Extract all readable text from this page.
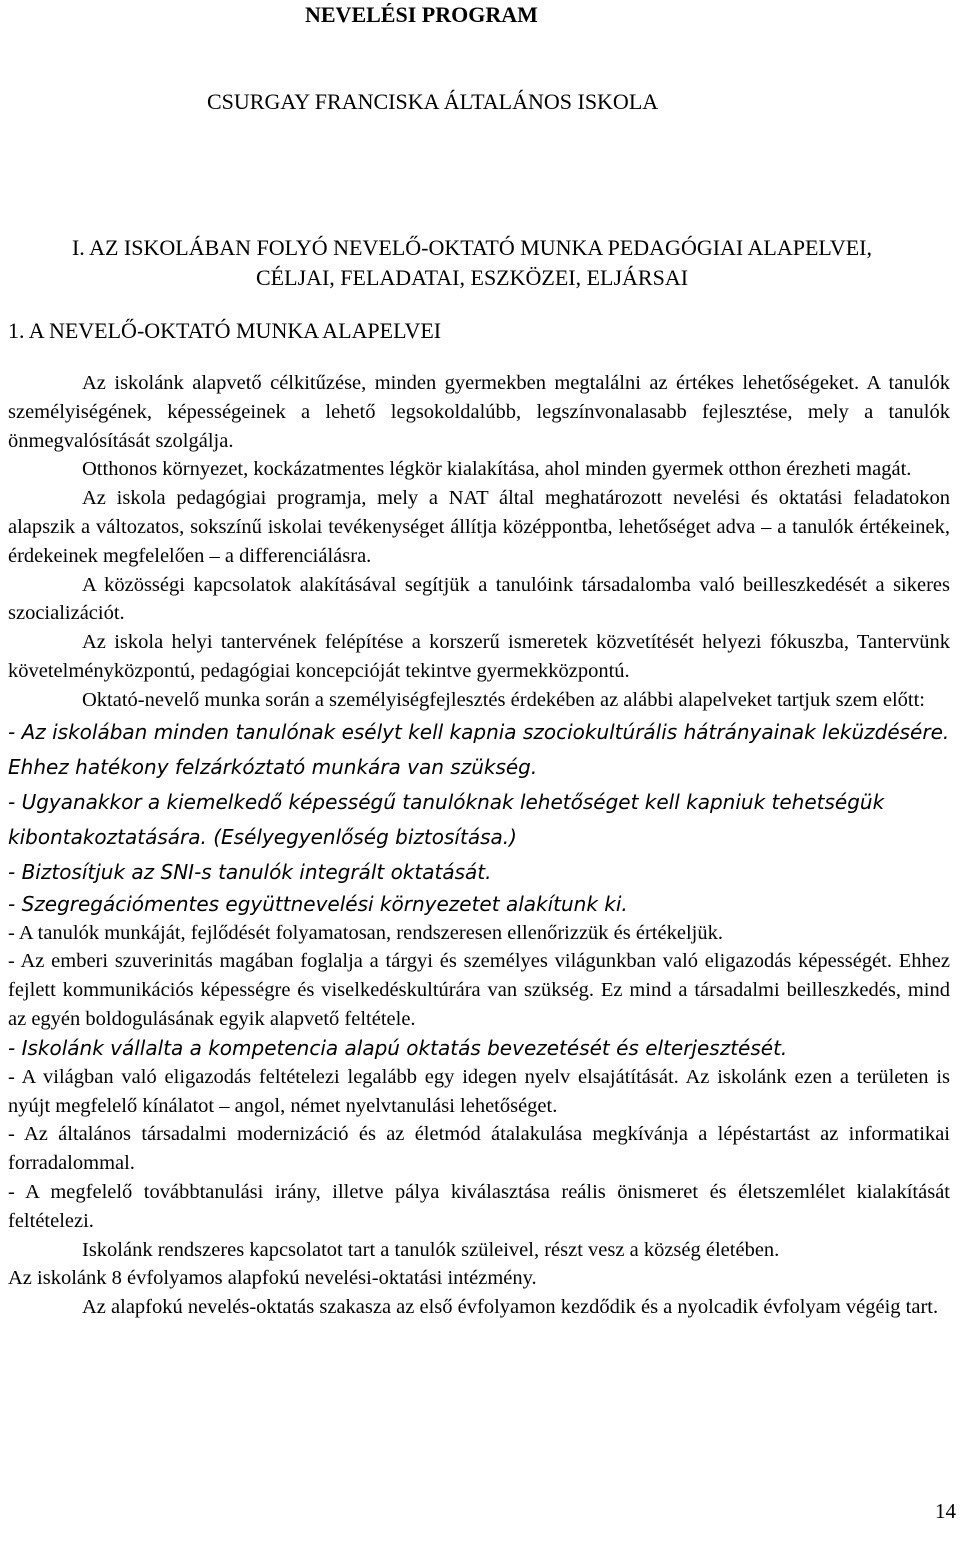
NEVELÉSI PROGRAM
CSURGAY FRANCISKA ÁLTALÁNOS ISKOLA
I. AZ ISKOLÁBAN FOLYÓ NEVELŐ-OKTATÓ MUNKA PEDAGÓGIAI ALAPELVEI, CÉLJAI, FELADATAI, ESZKÖZEI, ELJÁRSAI
1. A NEVELŐ-OKTATÓ MUNKA ALAPELVEI

Az iskolánk alapvető célkitűzése, minden gyermekben megtalálni az értékes lehetőségeket. A tanulók személyiségének, képességeinek a lehető legsokoldalúbb, legszínvonalasabb fejlesztése, mely a tanulók önmegvalósítását szolgálja.

Otthonos környezet, kockázatmentes légkör kialakítása, ahol minden gyermek otthon érezheti magát.

Az iskola pedagógiai programja, mely a NAT által meghatározott nevelési és oktatási feladatokon alapszik a változatos, sokszínű iskolai tevékenységet állítja középpontba, lehetőséget adva – a tanulók értékeinek, érdekeinek megfelelően – a differenciálásra.

A közösségi kapcsolatok alakításával segítjük a tanulóink társadalomba való beilleszkedését a sikeres szocializációt.

Az iskola helyi tantervének felépítése a korszerű ismeretek közvetítését helyezi fókuszba, Tantervünk követelményközpontú, pedagógiai koncepcióját tekintve gyermekközpontú.

Oktató-nevelő munka során a személyiségfejlesztés érdekében az alábbi alapelveket tartjuk szem előtt:

- Az iskolában minden tanulónak esélyt kell kapnia szociokultúrális hátrányainak leküzdésére. Ehhez hatékony felzárkóztató munkára van szükség.

- Ugyanakkor a kiemelkedő képességű tanulóknak lehetőséget kell kapniuk tehetségük kibontakoztatására. (Esélyegyenlőség biztosítása.)

- Biztosítjuk az SNI-s tanulók integrált oktatását.

- Szegregációmentes együttnevelési környezetet alakítunk ki.

- A tanulók munkáját, fejlődését folyamatosan, rendszeresen ellenőrizzük és értékeljük.

- Az emberi szuverinitás magában foglalja a tárgyi és személyes világunkban való eligazodás képességét. Ehhez fejlett kommunikációs képességre és viselkedéskultúrára van szükség. Ez mind a társadalmi beilleszkedés, mind az egyén boldogulásának egyik alapvető feltétele.

- Iskolánk vállalta a kompetencia alapú oktatás bevezetését és elterjesztését.

- A világban való eligazodás feltételezi legalább egy idegen nyelv elsajátítását. Az iskolánk ezen a területen is nyújt megfelelő kínálatot – angol, német nyelvtanulási lehetőséget.

- Az általános társadalmi modernizáció és az életmód átalakulása megkívánja a lépéstartást az informatikai forradalommal.

- A megfelelő továbbtanulási irány, illetve pálya kiválasztása reális önismeret és életszemlélet kialakítását feltételezi.

Iskolánk rendszeres kapcsolatot tart a tanulók szüleivel, részt vesz a község életében.

Az iskolánk 8 évfolyamos alapfokú nevelési-oktatási intézmény.

Az alapfokú nevelés-oktatás szakasza az első évfolyamon kezdődik és a nyolcadik évfolyam végéig tart.

14
